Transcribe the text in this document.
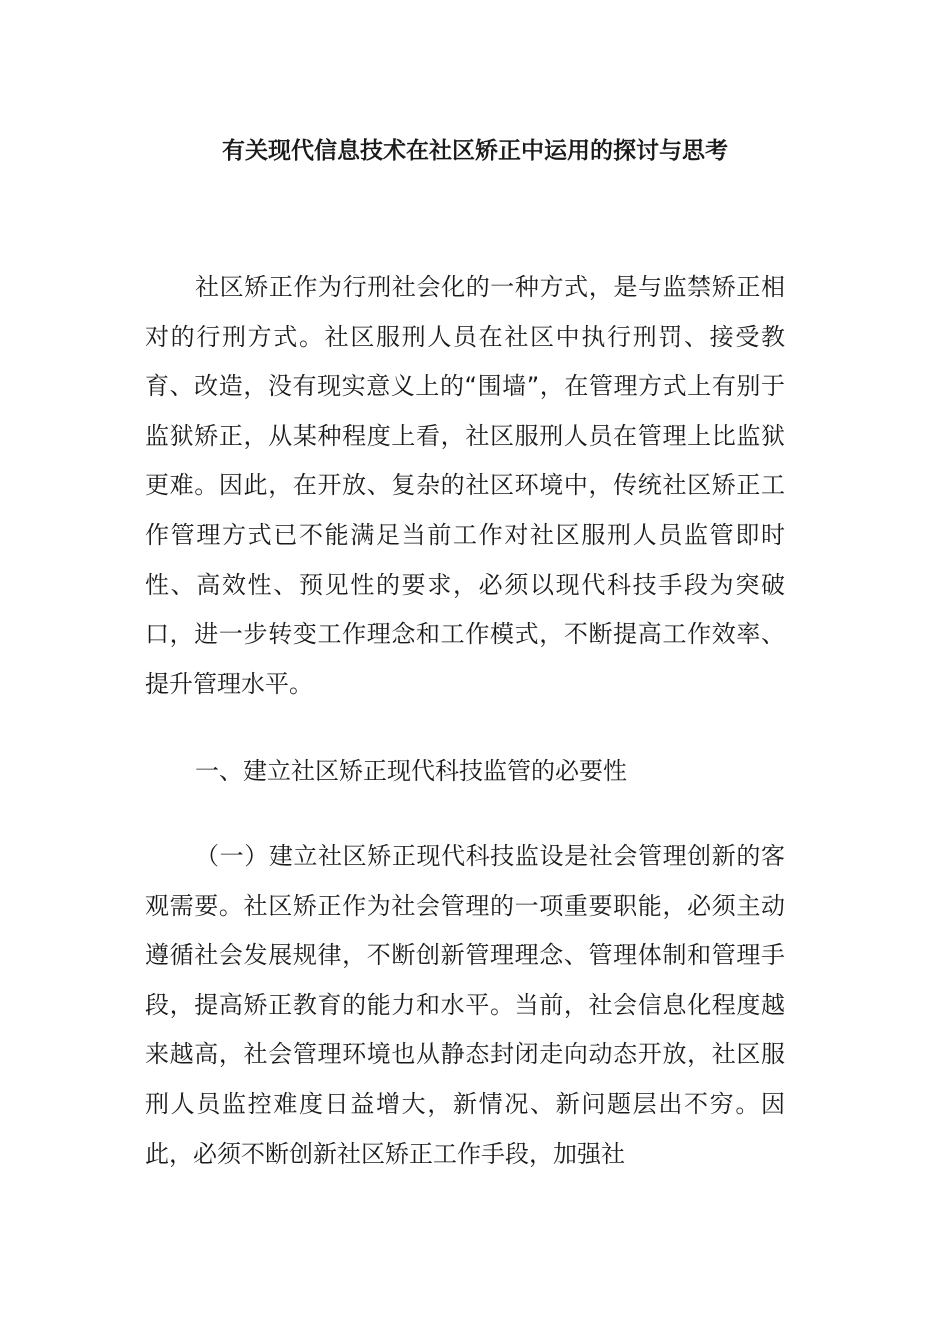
有关现代信息技术在社区矫正中运用的探讨与思考

社区矫正作为行刑社会化的一种方式，是与监禁矫正相对的行刑方式。社区服刑人员在社区中执行刑罚、接受教育、改造，没有现实意义上的“围墙”，在管理方式上有别于监狱矫正，从某种程度上看，社区服刑人员在管理上比监狱更难。因此，在开放、复杂的社区环境中，传统社区矫正工作管理方式已不能满足当前工作对社区服刑人员监管即时性、高效性、预见性的要求，必须以现代科技手段为突破口，进一步转变工作理念和工作模式，不断提高工作效率、提升管理水平。

一、建立社区矫正现代科技监管的必要性

（一）建立社区矫正现代科技监设是社会管理创新的客观需要。社区矫正作为社会管理的一项重要职能，必须主动遵循社会发展规律，不断创新管理理念、管理体制和管理手段，提高矫正教育的能力和水平。当前，社会信息化程度越来越高，社会管理环境也从静态封闭走向动态开放，社区服刑人员监控难度日益增大，新情况、新问题层出不穷。因此，必须不断创新社区矫正工作手段，加强社
